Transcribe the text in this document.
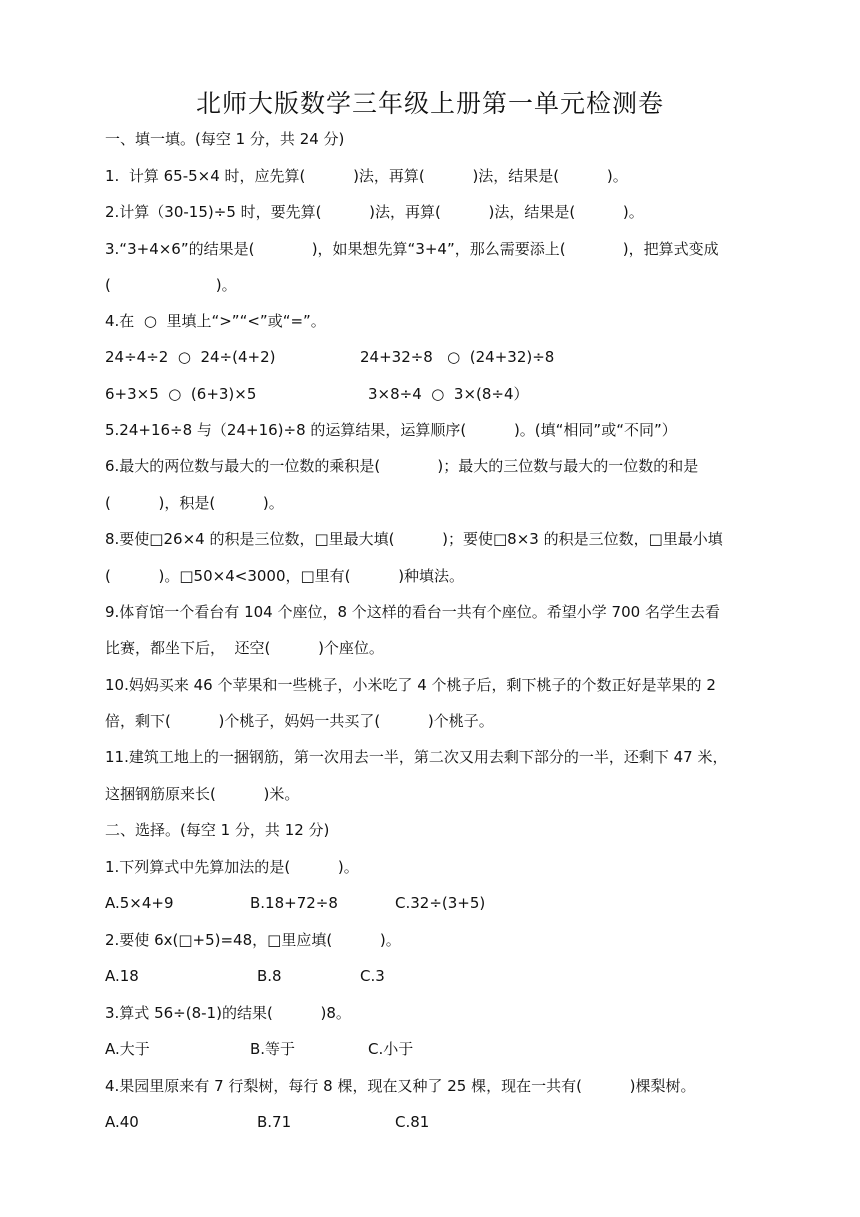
北师大版数学三年级上册第一单元检测卷
一、填一填。(每空 1 分，共 24 分)
1.  计算 65-5×4 时，应先算(          )法，再算(          )法，结果是(          )。
2.计算（30-15)÷5 时，要先算(          )法，再算(          )法，结果是(          )。
3.“3+4×6”的结果是(            )，如果想先算“3+4”，那么需要添上(            )，把算式变成
(                      )。
4.在  ○  里填上“>”“<”或“=”。
24÷4÷2  ○  24÷(4+2)	24+32÷8   ○  (24+32)÷8
6+3×5  ○  (6+3)×5	3×8÷4  ○  3×(8÷4）
5.24+16÷8 与（24+16)÷8 的运算结果，运算顺序(          )。(填“相同”或“不同”）
6.最大的两位数与最大的一位数的乘积是(            )；最大的三位数与最大的一位数的和是
(          )，积是(          )。
8.要使□26×4 的积是三位数，□里最大填(          )；要使□8×3 的积是三位数，□里最小填
(          )。□50×4<3000，□里有(          )种填法。
9.体育馆一个看台有 104 个座位，8 个这样的看台一共有个座位。希望小学 700 名学生去看
比赛，都坐下后，  还空(          )个座位。
10.妈妈买来 46 个苹果和一些桃子，小米吃了 4 个桃子后，剩下桃子的个数正好是苹果的 2
倍，剩下(          )个桃子，妈妈一共买了(          )个桃子。
11.建筑工地上的一捆钢筋，第一次用去一半，第二次又用去剩下部分的一半，还剩下 47 米，
这捆钢筋原来长(          )米。
二、选择。(每空 1 分，共 12 分)
1.下列算式中先算加法的是(          )。
A.5×4+9	B.18+72÷8	C.32÷(3+5)
2.要使 6x(□+5)=48，□里应填(          )。
A.18	B.8	C.3
3.算式 56÷(8-1)的结果(          )8。
A.大于	B.等于	C.小于
4.果园里原来有 7 行梨树，每行 8 棵，现在又种了 25 棵，现在一共有(          )棵梨树。
A.40	B.71	C.81
